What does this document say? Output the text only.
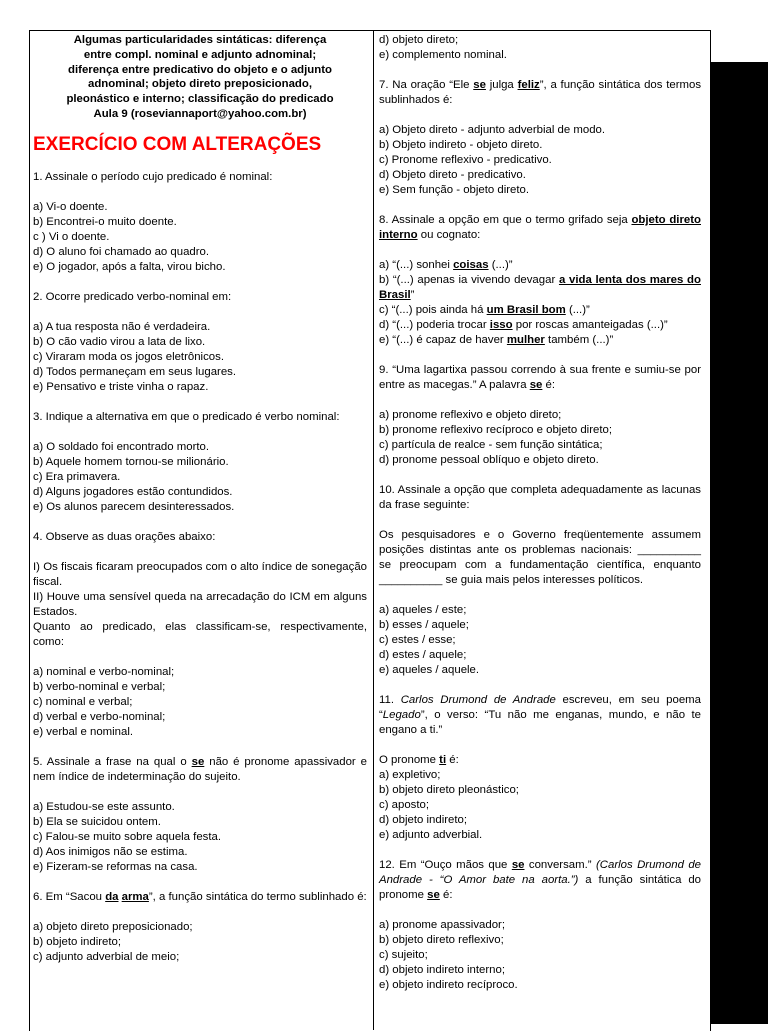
Algumas particularidades sintáticas: diferença
entre compl. nominal e adjunto adnominal;
diferença entre predicativo do objeto e o adjunto
adnominal; objeto direto preposicionado,
pleonástico e interno; classificação do predicado
Aula 9 (roseviannaport@yahoo.com.br)
EXERCÍCIO COM ALTERAÇÕES
1. Assinale o período cujo predicado é nominal:
a) Vi-o doente.
b) Encontrei-o muito doente.
c ) Vi o doente.
d) O aluno foi chamado ao quadro.
e) O jogador, após a falta, virou bicho.
2. Ocorre predicado verbo-nominal em:
a) A tua resposta não é verdadeira.
b) O cão vadio virou a lata de lixo.
c) Viraram moda os jogos eletrônicos.
d) Todos permaneçam em seus lugares.
e) Pensativo e triste vinha o rapaz.
3. Indique a alternativa em que o predicado é verbo nominal:
a) O soldado foi encontrado morto.
b) Aquele homem tornou-se milionário.
c) Era primavera.
d) Alguns jogadores estão contundidos.
e) Os alunos parecem desinteressados.
4. Observe as duas orações abaixo:
I) Os fiscais ficaram preocupados com o alto índice de sonegação fiscal.
II) Houve uma sensível queda na arrecadação do ICM em alguns Estados.
Quanto ao predicado, elas classificam-se, respectivamente, como:
a) nominal e verbo-nominal;
b) verbo-nominal e verbal;
c) nominal e verbal;
d) verbal e verbo-nominal;
e) verbal e nominal.
5. Assinale a frase na qual o se não é pronome apassivador e nem índice de indeterminação do sujeito.
a) Estudou-se este assunto.
b) Ela se suicidou ontem.
c) Falou-se muito sobre aquela festa.
d) Aos inimigos não se estima.
e) Fizeram-se reformas na casa.
6. Em “Sacou da arma”, a função sintática do termo sublinhado é:
a) objeto direto preposicionado;
b) objeto indireto;
c) adjunto adverbial de meio;
d) objeto direto;
e) complemento nominal.
7. Na oração “Ele se julga feliz”, a função sintática dos termos sublinhados é:
a) Objeto direto - adjunto adverbial de modo.
b) Objeto indireto - objeto direto.
c) Pronome reflexivo - predicativo.
d) Objeto direto - predicativo.
e) Sem função - objeto direto.
8. Assinale a opção em que o termo grifado seja objeto direto interno ou cognato:
a) “(...) sonhei coisas (...)”
b) “(...) apenas ia vivendo devagar a vida lenta dos mares do Brasil”
c) “(...) pois ainda há um Brasil bom (...)”
d) “(...) poderia trocar isso por roscas amanteigadas (...)”
e) “(...) é capaz de haver mulher também (...)”
9. “Uma lagartixa passou correndo à sua frente e sumiu-se por entre as macegas.” A palavra se é:
a) pronome reflexivo e objeto direto;
b) pronome reflexivo recíproco e objeto direto;
c) partícula de realce - sem função sintática;
d) pronome pessoal oblíquo e objeto direto.
10. Assinale a opção que completa adequadamente as lacunas da frase seguinte:
Os pesquisadores e o Governo freqüentemente assumem posições distintas ante os problemas nacionais: __________ se preocupam com a fundamentação científica, enquanto __________ se guia mais pelos interesses políticos.
a) aqueles / este;
b) esses / aquele;
c) estes / esse;
d) estes / aquele;
e) aqueles / aquele.
11. Carlos Drumond de Andrade escreveu, em seu poema “Legado”, o verso: “Tu não me enganas, mundo, e não te engano a ti.”
O pronome ti é:
a) expletivo;
b) objeto direto pleonástico;
c) aposto;
d) objeto indireto;
e) adjunto adverbial.
12. Em “Ouço mãos que se conversam.” (Carlos Drumond de Andrade - “O Amor bate na aorta.”) a função sintática do pronome se é:
a) pronome apassivador;
b) objeto direto reflexivo;
c) sujeito;
d) objeto indireto interno;
e) objeto indireto recíproco.
